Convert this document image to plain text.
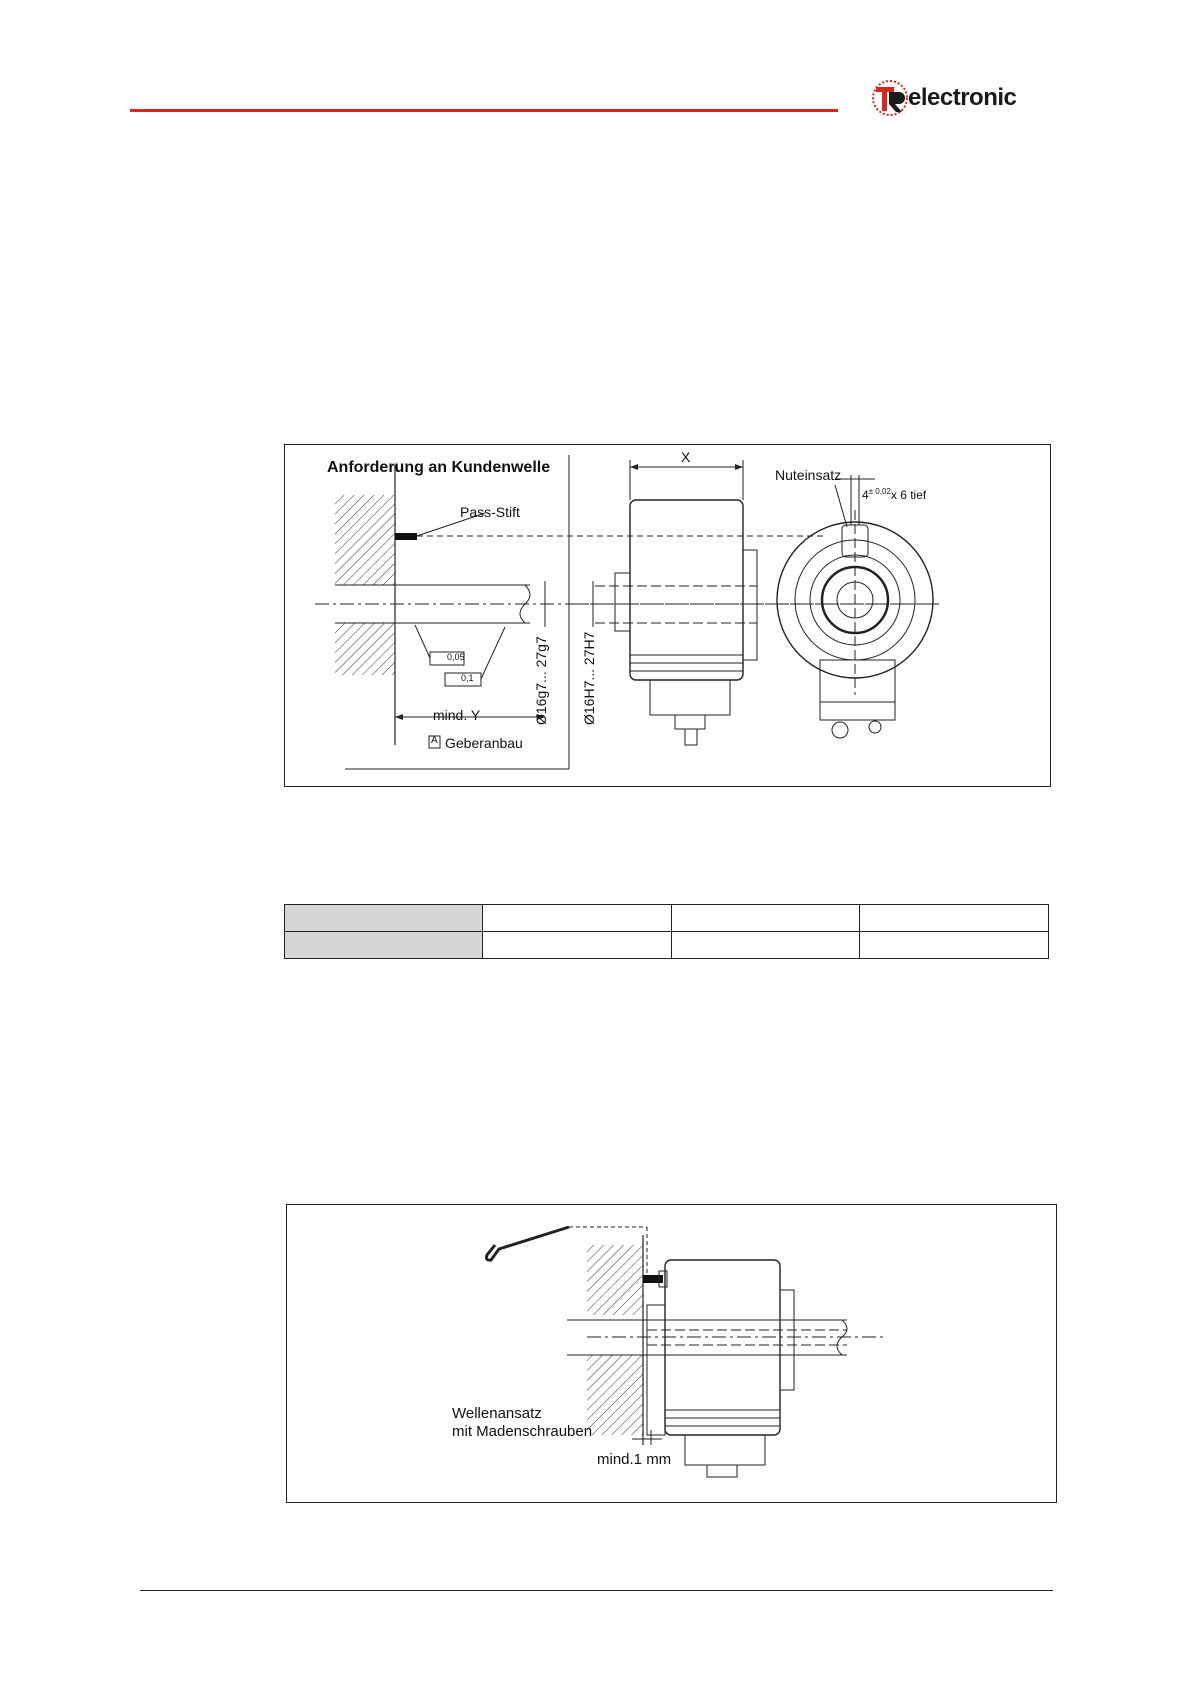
electronic
Anforderung an Kundenwelle
Pass-Stift
mind. Y
A Geberanbau
0,05
0,1	Ø16g7... 27g7 Ø16H7... 27H7
X
Nuteinsatz
$4^{\pm 0,02}x$ 6 tief

Wellenansatz
mit Madenschrauben
mind.1 mm
